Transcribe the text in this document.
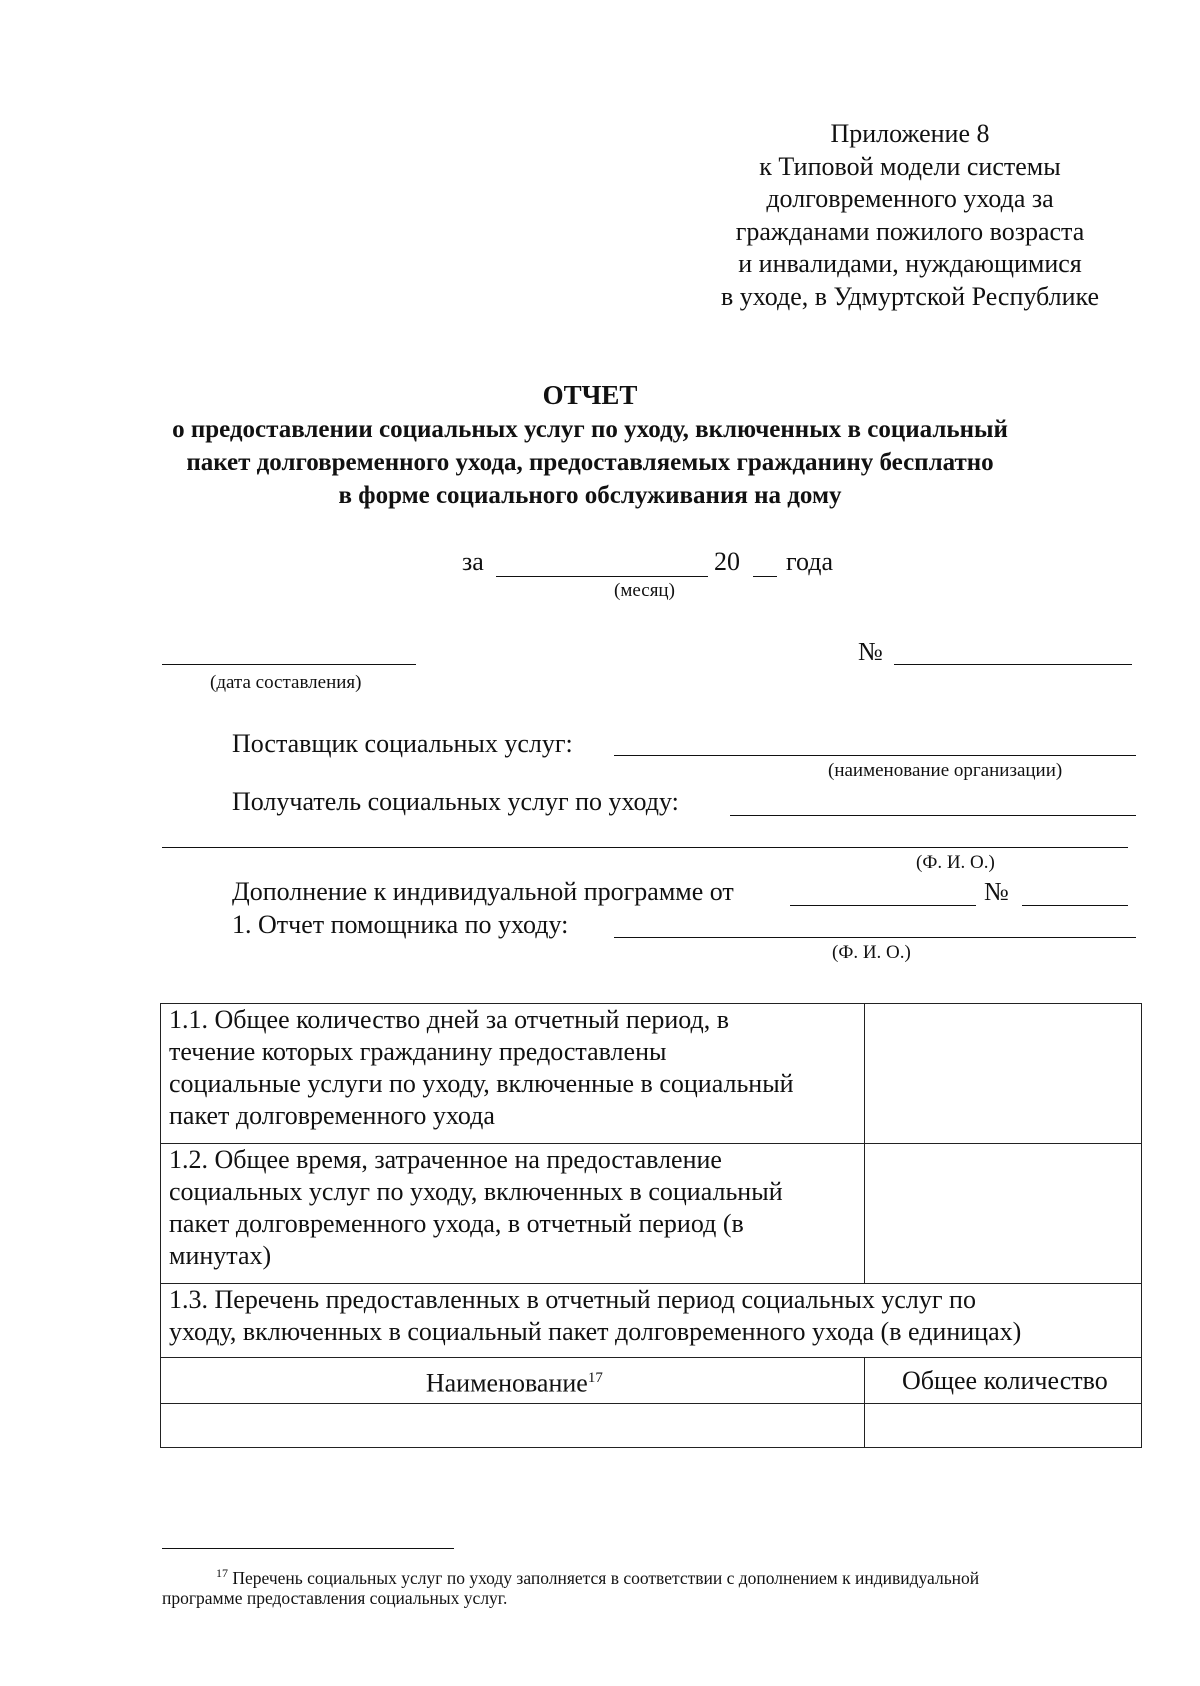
Приложение 8
к Типовой модели системы
долговременного ухода за
гражданами пожилого возраста
и инвалидами, нуждающимися
в уходе, в Удмуртской Республике
ОТЧЕТ
о предоставлении социальных услуг по уходу, включенных в социальный
пакет долговременного ухода, предоставляемых гражданину бесплатно
в форме социального обслуживания на дому
за	20 года
(месяц)
(дата составления)
№
Поставщик социальных услуг:
(наименование организации)
Получатель социальных услуг по уходу:
(Ф. И. О.)
Дополнение к индивидуальной программе от	№
1. Отчет помощника по уходу:
(Ф. И. О.)
1.1. Общее количество дней за отчетный период, в
течение которых гражданину предоставлены
социальные услуги по уходу, включенные в социальный
пакет долговременного ухода	

1.2. Общее время, затраченное на предоставление
социальных услуг по уходу, включенных в социальный
пакет долговременного ухода, в отчетный период (в
минутах)	

1.3. Перечень предоставленных в отчетный период социальных услуг по
уходу, включенных в социальный пакет долговременного ухода (в единицах)	

Наименование$^{17}$	Общее количество

$^{17}$ Перечень социальных услуг по уходу заполняется в соответствии с дополнением к индивидуальной
программе предоставления социальных услуг.
